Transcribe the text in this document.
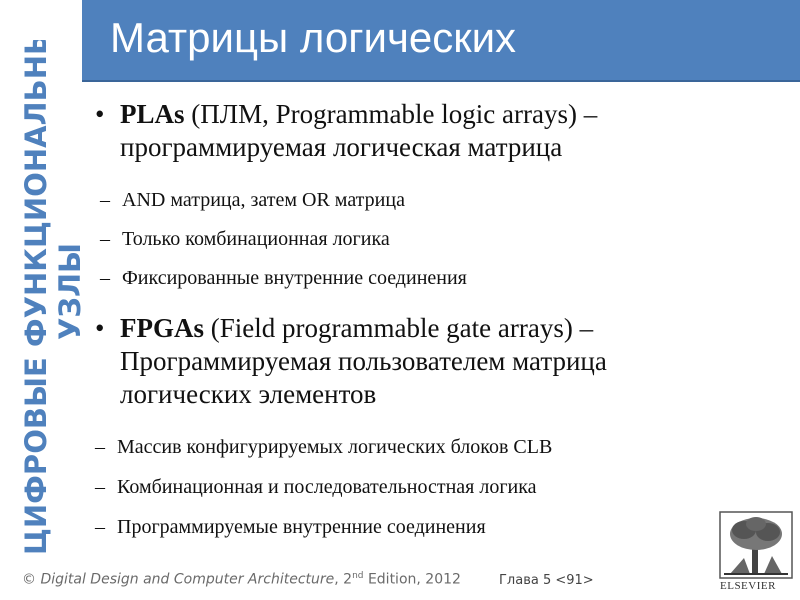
Матрицы логических
ЦИФРОВЫЕ ФУНКЦИОНАЛЬНЫЕ УЗЛЫ
• PLAs (ПЛМ, Programmable logic arrays) –
программируемая логическая матрица
– AND матрица, затем OR матрица
– Только комбинационная логика
– Фиксированные внутренние соединения
• FPGAs (Field programmable gate arrays) –
Программируемая пользователем матрица
логических элементов
– Массив конфигурируемых логических блоков CLB
– Комбинационная и последовательностная логика
– Программируемые внутренние соединения
© Digital Design and Computer Architecture, 2nd Edition, 2012	Глава 5 <91>	ELSEVIER
